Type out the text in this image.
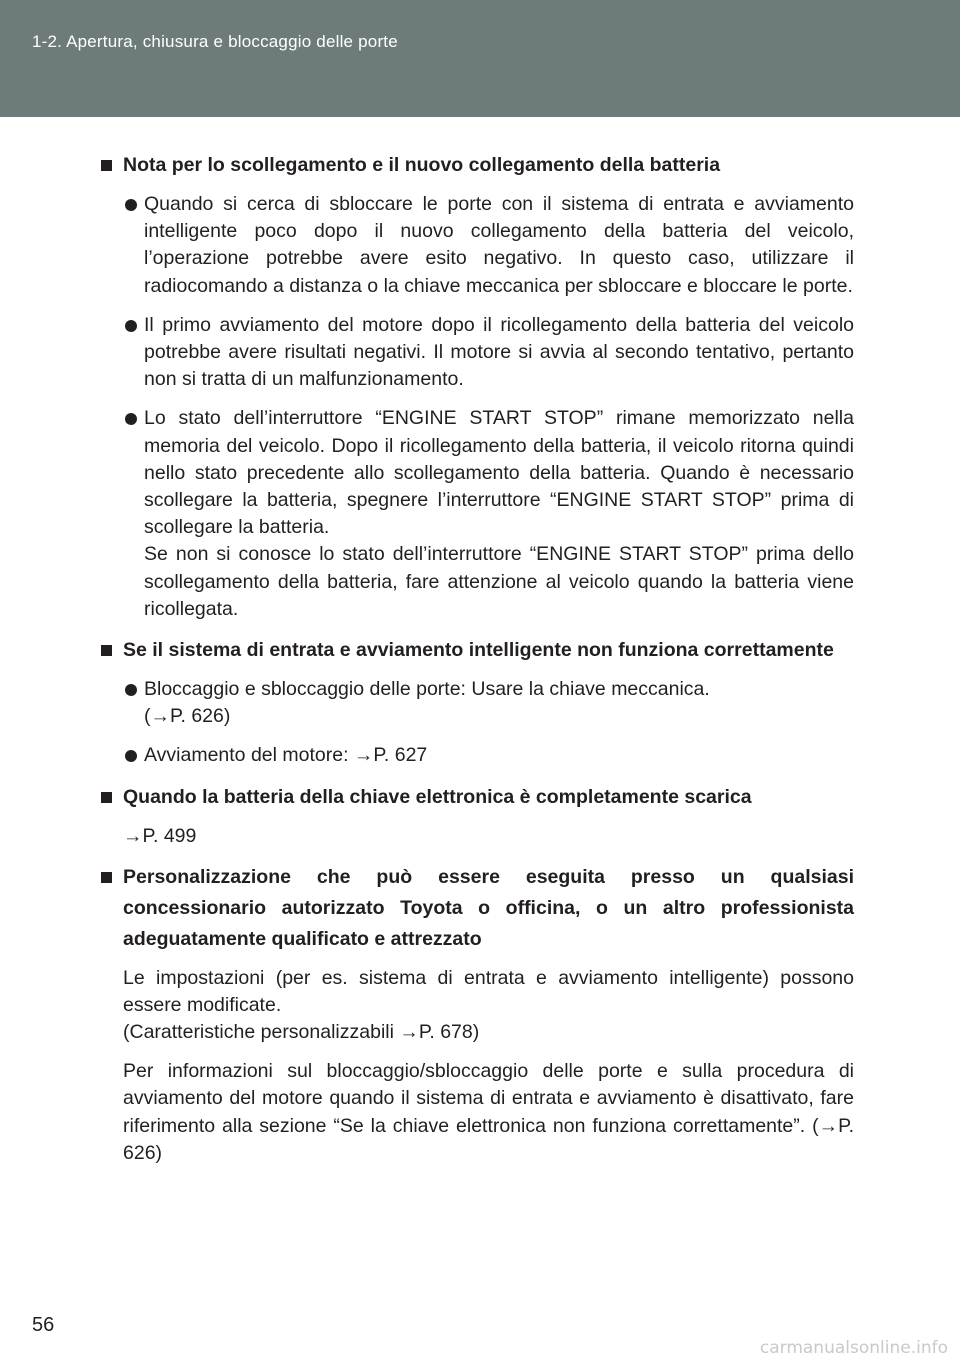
1-2. Apertura, chiusura e bloccaggio delle porte
Nota per lo scollegamento e il nuovo collegamento della batteria
Quando si cerca di sbloccare le porte con il sistema di entrata e avviamento intelligente poco dopo il nuovo collegamento della batteria del veicolo, l’operazione potrebbe avere esito negativo. In questo caso, utilizzare il radiocomando a distanza o la chiave meccanica per sbloccare e bloccare le porte.
Il primo avviamento del motore dopo il ricollegamento della batteria del veicolo potrebbe avere risultati negativi. Il motore si avvia al secondo tentativo, pertanto non si tratta di un malfunzionamento.
Lo stato dell’interruttore “ENGINE START STOP” rimane memorizzato nella memoria del veicolo. Dopo il ricollegamento della batteria, il veicolo ritorna quindi nello stato precedente allo scollegamento della batteria. Quando è necessario scollegare la batteria, spegnere l’interruttore “ENGINE START STOP” prima di scollegare la batteria.
Se non si conosce lo stato dell’interruttore “ENGINE START STOP” prima dello scollegamento della batteria, fare attenzione al veicolo quando la batteria viene ricollegata.
Se il sistema di entrata e avviamento intelligente non funziona correttamente
Bloccaggio e sbloccaggio delle porte: Usare la chiave meccanica.
(→P. 626)
Avviamento del motore: →P. 627
Quando la batteria della chiave elettronica è completamente scarica
→P. 499
Personalizzazione che può essere eseguita presso un qualsiasi concessionario autorizzato Toyota o officina, o un altro professionista adeguatamente qualificato e attrezzato
Le impostazioni (per es. sistema di entrata e avviamento intelligente) possono essere modificate.
(Caratteristiche personalizzabili →P. 678)
Per informazioni sul bloccaggio/sbloccaggio delle porte e sulla procedura di avviamento del motore quando il sistema di entrata e avviamento è disattivato, fare riferimento alla sezione “Se la chiave elettronica non funziona correttamente”. (→P. 626)
56
carmanualsonline.info
